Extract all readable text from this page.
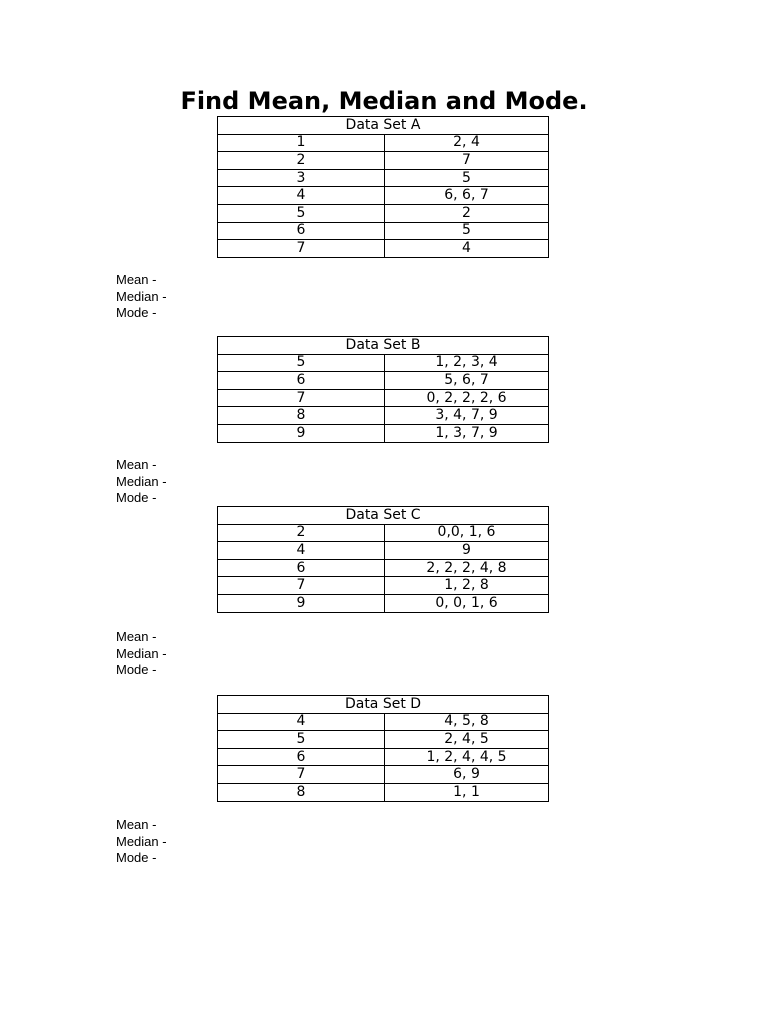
Find Mean, Median and Mode.
Data Set A	
1	2, 4
2	7
3	5
4	6, 6, 7
5	2
6	5
7	4
Mean -
Median -
Mode -
Data Set B	
5	1, 2, 3, 4
6	5, 6, 7
7	0, 2, 2, 2, 6
8	3, 4, 7, 9
9	1, 3, 7, 9
Mean -
Median -
Mode -
Data Set C	
2	0,0, 1, 6
4	9
6	2, 2, 2, 4, 8
7	1, 2, 8
9	0, 0, 1, 6
Mean -
Median -
Mode -
Data Set D	
4	4, 5, 8
5	2, 4, 5
6	1, 2, 4, 4, 5
7	6, 9
8	1, 1
Mean -
Median -
Mode -
